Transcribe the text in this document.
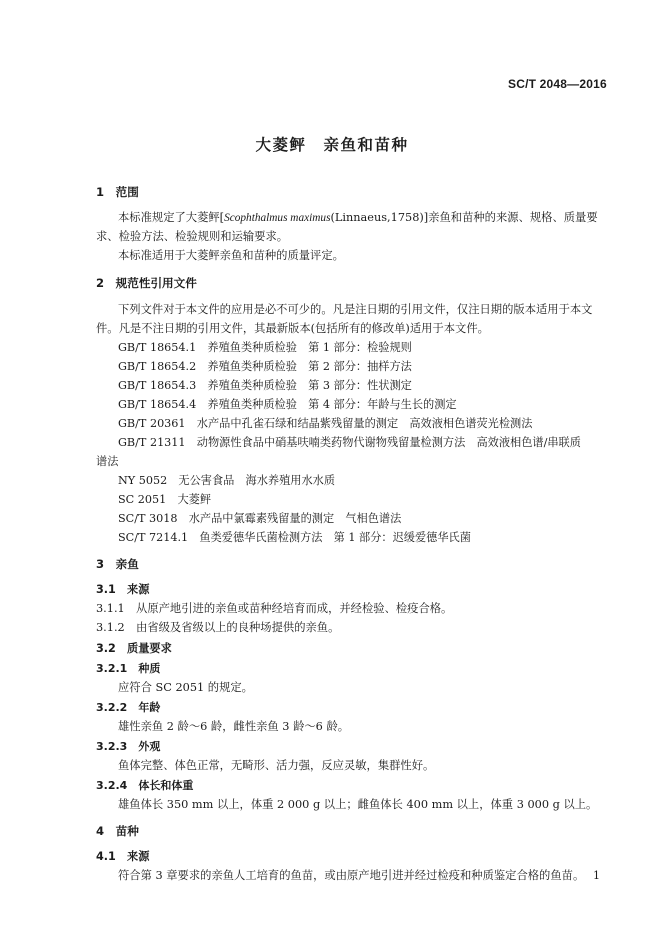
SC/T 2048—2016
大菱鲆　亲鱼和苗种
1　范围
本标准规定了大菱鲆[Scophthalmus maximus(Linnaeus,1758)]亲鱼和苗种的来源、规格、质量要
求、检验方法、检验规则和运输要求。
本标准适用于大菱鲆亲鱼和苗种的质量评定。
2　规范性引用文件
下列文件对于本文件的应用是必不可少的。凡是注日期的引用文件，仅注日期的版本适用于本文
件。凡是不注日期的引用文件，其最新版本(包括所有的修改单)适用于本文件。
GB/T 18654.1　 养殖鱼类种质检验　第 1 部分：检验规则
GB/T 18654.2　 养殖鱼类种质检验　第 2 部分：抽样方法
GB/T 18654.3　 养殖鱼类种质检验　第 3 部分：性状测定
GB/T 18654.4　 养殖鱼类种质检验　第 4 部分：年龄与生长的测定
GB/T 20361　 水产品中孔雀石绿和结晶紫残留量的测定　高效液相色谱荧光检测法
GB/T 21311　 动物源性食品中硝基呋喃类药物代谢物残留量检测方法　高效液相色谱/串联质
谱法
NY 5052　 无公害食品　海水养殖用水水质
SC 2051　 大菱鲆
SC/T 3018　 水产品中氯霉素残留量的测定　气相色谱法
SC/T 7214.1　 鱼类爱德华氏菌检测方法　第 1 部分：迟缓爱德华氏菌
3　亲鱼
3.1　来源
3.1.1　从原产地引进的亲鱼或苗种经培育而成，并经检验、检疫合格。
3.1.2　由省级及省级以上的良种场提供的亲鱼。
3.2　质量要求
3.2.1　种质
应符合 SC 2051 的规定。
3.2.2　年龄
雄性亲鱼 2 龄～6 龄，雌性亲鱼 3 龄～6 龄。
3.2.3　外观
鱼体完整、体色正常，无畸形、活力强，反应灵敏，集群性好。
3.2.4　体长和体重
雄鱼体长 350 mm 以上，体重 2 000 g 以上；雌鱼体长 400 mm 以上，体重 3 000 g 以上。
4　苗种
4.1　来源
符合第 3 章要求的亲鱼人工培育的鱼苗，或由原产地引进并经过检疫和种质鉴定合格的鱼苗。 1
